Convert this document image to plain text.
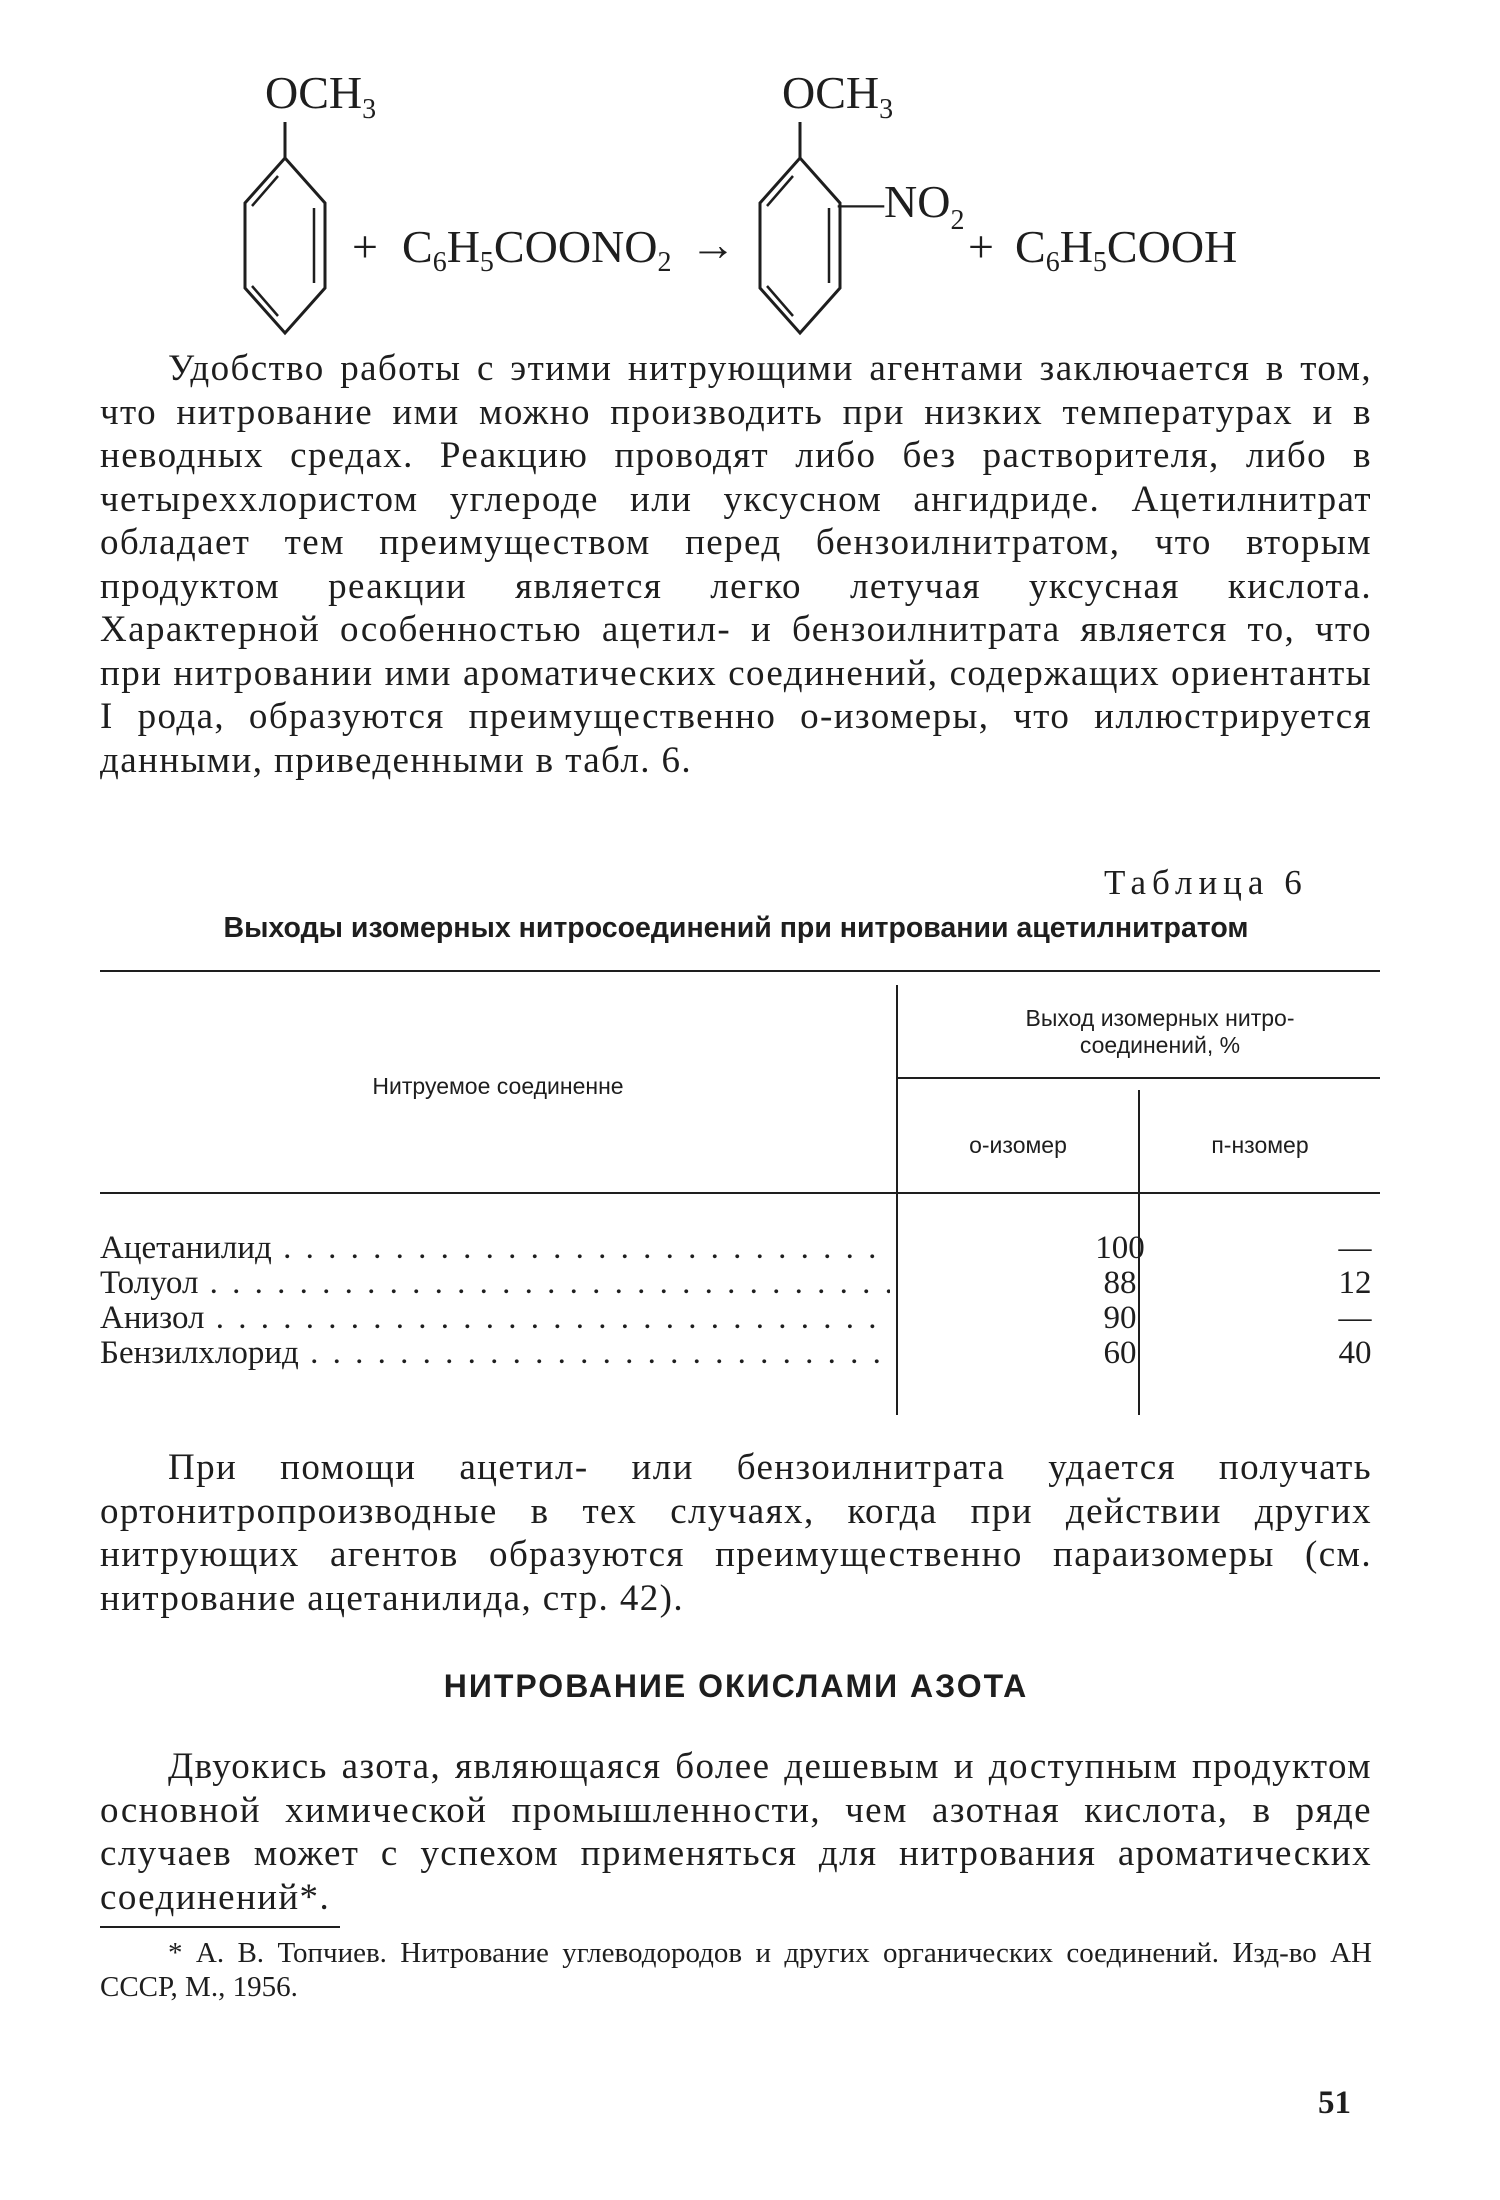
$OCH_3$
+ C6H5COONO2 →
$OCH_3$
$—NO_2$
+ C6H5COOH

Удобство работы с этими нитрующими агентами заключается в том, что нитрование ими можно производить при низких температурах и в неводных средах. Реакцию проводят либо без растворителя, либо в четыреххлористом углероде или уксусном ангидриде. Ацетилнитрат обладает тем преимуществом перед бензоилнитратом, что вторым продуктом реакции является легко летучая уксусная кислота. Характерной особенностью ацетил- и бензоилнитрата является то, что при нитровании ими ароматических соединений, содержащих ориентанты I рода, образуются преимущественно о-изомеры, что иллюстрируется данными, приведенными в табл. 6.

Таблица 6
Выходы изомерных нитросоединений при нитровании ацетилнитратом
Нитруемое соединенне
Выход изомерных нитро-соединений, %
о-изомер	п-нзомер
Ацетанилид . . .	100	—
Толуол . . .	88	12
Анизол . . .	90	—
Бензилхлорид . . .	60	40

При помощи ацетил- или бензоилнитрата удается получать ортонитропроизводные в тех случаях, когда при действии других нитрующих агентов образуются преимущественно параизомеры (см. нитрование ацетанилида, стр. 42).

НИТРОВАНИЕ ОКИСЛАМИ АЗОТА

Двуокись азота, являющаяся более дешевым и доступным продуктом основной химической промышленности, чем азотная кислота, в ряде случаев может с успехом применяться для нитрования ароматических соединений*.

* А. В. Топчиев. Нитрование углеводородов и других органических соединений. Изд-во АН СССР, М., 1956.

51
